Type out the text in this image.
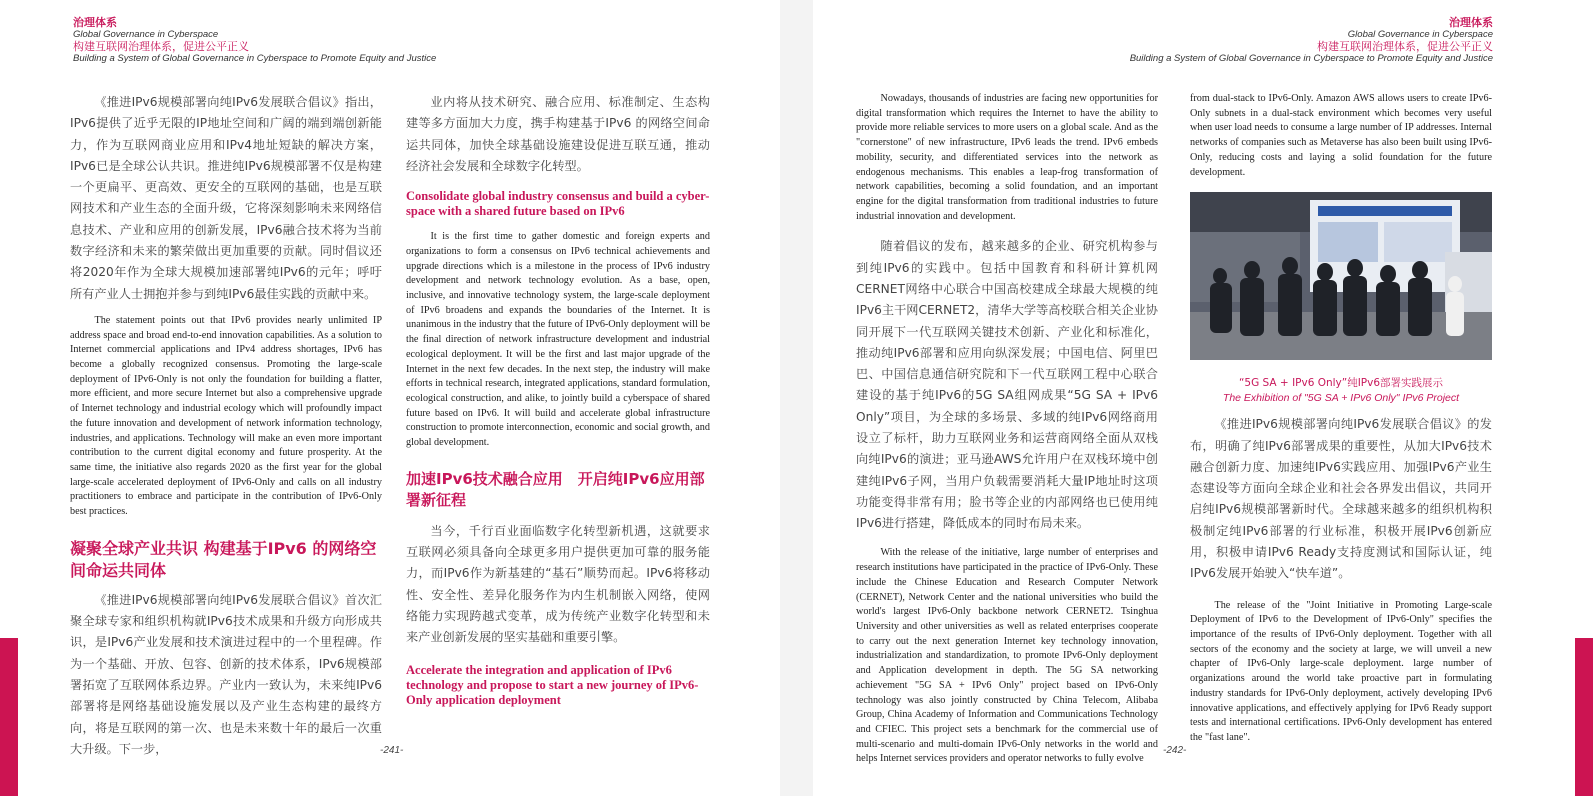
治理体系
Global Governance in Cyberspace
构建互联网治理体系，促进公平正义
Building a System of Global Governance in Cyberspace to Promote Equity and Justice

《推进IPv6规模部署向纯IPv6发展联合倡议》指出，IPv6提供了近乎无限的IP地址空间和广阔的端到端创新能力，作为互联网商业应用和IPv4地址短缺的解决方案，IPv6已是全球公认共识。推进纯IPv6规模部署不仅是构建一个更扁平、更高效、更安全的互联网的基础，也是互联网技术和产业生态的全面升级，它将深刻影响未来网络信息技术、产业和应用的创新发展，IPv6融合技术将为当前数字经济和未来的繁荣做出更加重要的贡献。同时倡议还将2020年作为全球大规模加速部署纯IPv6的元年；呼吁所有产业人士拥抱并参与到纯IPv6最佳实践的贡献中来。

The statement points out that IPv6 provides nearly unlimited IP address space and broad end-to-end innovation capabilities. As a solution to Internet commercial applications and IPv4 address shortages, IPv6 has become a globally recognized consensus. Promoting the large-scale deployment of IPv6-Only is not only the foundation for building a flatter, more efficient, and more secure Internet but also a comprehensive upgrade of Internet technology and industrial ecology which will profoundly impact the future innovation and development of network information technology, industries, and applications. Technology will make an even more important contribution to the current digital economy and future prosperity. At the same time, the initiative also regards 2020 as the first year for the global large-scale accelerated deployment of IPv6-Only and calls on all industry practitioners to embrace and participate in the contribution of IPv6-Only best practices.

凝聚全球产业共识 构建基于IPv6 的网络空间命运共同体

《推进IPv6规模部署向纯IPv6发展联合倡议》首次汇聚全球专家和组织机构就IPv6技术成果和升级方向形成共识，是IPv6产业发展和技术演进过程中的一个里程碑。作为一个基础、开放、包容、创新的技术体系，IPv6规模部署拓宽了互联网体系边界。产业内一致认为，未来纯IPv6部署将是网络基础设施发展以及产业生态构建的最终方向，将是互联网的第一次、也是未来数十年的最后一次重大升级。下一步，

业内将从技术研究、融合应用、标准制定、生态构建等多方面加大力度，携手构建基于IPv6 的网络空间命运共同体，加快全球基础设施建设促进互联互通，推动经济社会发展和全球数字化转型。

Consolidate global industry consensus and build a cyber-space with a shared future based on IPv6

It is the first time to gather domestic and foreign experts and organizations to form a consensus on IPv6 technical achievements and upgrade directions which is a milestone in the process of IPv6 industry development and network technology evolution. As a base, open, inclusive, and innovative technology system, the large-scale deployment of IPv6 broadens and expands the boundaries of the Internet. It is unanimous in the industry that the future of IPv6-Only deployment will be the final direction of network infrastructure development and industrial ecological deployment. It will be the first and last major upgrade of the Internet in the next few decades. In the next step, the industry will make efforts in technical research, integrated applications, standard formulation, ecological construction, and alike, to jointly build a cyberspace of shared future based on IPv6. It will build and accelerate global infrastructure construction to promote interconnection, economic and social growth, and global development.

加速IPv6技术融合应用　开启纯IPv6应用部署新征程

当今，千行百业面临数字化转型新机遇，这就要求互联网必须具备向全球更多用户提供更加可靠的服务能力，而IPv6作为新基建的“基石”顺势而起。IPv6将移动性、安全性、差异化服务作为内生机制嵌入网络，使网络能力实现跨越式变革，成为传统产业数字化转型和未来产业创新发展的坚实基础和重要引擎。

Accelerate the integration and application of IPv6 technology and propose to start a new journey of IPv6-Only application deployment
-241-
治理体系
Global Governance in Cyberspace
构建互联网治理体系，促进公平正义
Building a System of Global Governance in Cyberspace to Promote Equity and Justice

Nowadays, thousands of industries are facing new opportunities for digital transformation which requires the Internet to have the ability to provide more reliable services to more users on a global scale. And as the "cornerstone" of new infrastructure, IPv6 leads the trend. IPv6 embeds mobility, security, and differentiated services into the network as endogenous mechanisms. This enables a leap-frog transformation of network capabilities, becoming a solid foundation, and an important engine for the digital transformation from traditional industries to future industrial innovation and development.

随着倡议的发布，越来越多的企业、研究机构参与到纯IPv6的实践中。包括中国教育和科研计算机网CERNET网络中心联合中国高校建成全球最大规模的纯IPv6主干网CERNET2，清华大学等高校联合相关企业协同开展下一代互联网关键技术创新、产业化和标准化，推动纯IPv6部署和应用向纵深发展；中国电信、阿里巴巴、中国信息通信研究院和下一代互联网工程中心联合建设的基于纯IPv6的5G SA组网成果“5G SA + IPv6 Only”项目，为全球的多场景、多域的纯IPv6网络商用设立了标杆，助力互联网业务和运营商网络全面从双栈向纯IPv6的演进；亚马逊AWS允许用户在双栈环境中创建纯IPv6子网，当用户负载需要消耗大量IP地址时这项功能变得非常有用；脸书等企业的内部网络也已使用纯IPv6进行搭建，降低成本的同时布局未来。

With the release of the initiative, large number of enterprises and research institutions have participated in the practice of IPv6-Only. These include the Chinese Education and Research Computer Network (CERNET), Network Center and the national universities who build the world's largest IPv6-Only backbone network CERNET2. Tsinghua University and other universities as well as related enterprises cooperate to carry out the next generation Internet key technology innovation, industrialization and standardization, to promote IPv6-Only deployment and Application development in depth. The 5G SA networking achievement "5G SA + IPv6 Only" project based on IPv6-Only technology was also jointly constructed by China Telecom, Alibaba Group, China Academy of Information and Communications Technology and CFIEC. This project sets a benchmark for the commercial use of multi-scenario and multi-domain IPv6-Only networks in the world and helps Internet services providers and operator networks to fully evolve

from dual-stack to IPv6-Only. Amazon AWS allows users to create IPv6-Only subnets in a dual-stack environment which becomes very useful when user load needs to consume a large number of IP addresses. Internal networks of companies such as Metaverse has also been built using IPv6-Only, reducing costs and laying a solid foundation for the future development.

“5G SA + IPv6 Only”纯IPv6部署实践展示
The Exhibition of "5G SA + IPv6 Only" IPv6 Project

《推进IPv6规模部署向纯IPv6发展联合倡议》的发布，明确了纯IPv6部署成果的重要性，从加大IPv6技术融合创新力度、加速纯IPv6实践应用、加强IPv6产业生态建设等方面向全球企业和社会各界发出倡议，共同开启纯IPv6规模部署新时代。全球越来越多的组织机构积极制定纯IPv6部署的行业标准，积极开展IPv6创新应用，积极申请IPv6 Ready支持度测试和国际认证，纯IPv6发展开始驶入“快车道”。

The release of the "Joint Initiative in Promoting Large-scale Deployment of IPv6 to the Development of IPv6-Only" specifies the importance of the results of IPv6-Only deployment. Together with all sectors of the economy and the society at large, we will unveil a new chapter of IPv6-Only large-scale deployment. large number of organizations around the world take proactive part in formulating industry standards for IPv6-Only deployment, actively developing IPv6 innovative applications, and effectively applying for IPv6 Ready support tests and international certifications. IPv6-Only development has entered the "fast lane".

-242-
